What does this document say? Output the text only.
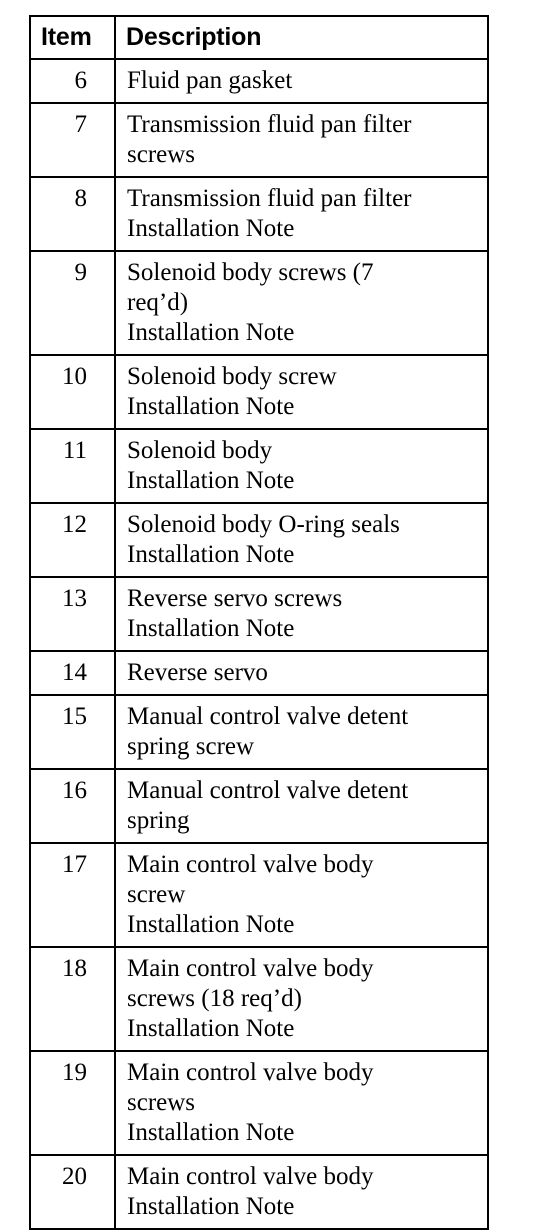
Item	Description
6	Fluid pan gasket

7	Transmission fluid pan filter
screws

8	Transmission fluid pan filter
Installation Note

9	Solenoid body screws (7
req’d)
Installation Note

10	Solenoid body screw
Installation Note

11	Solenoid body
Installation Note

12	Solenoid body O-ring seals
Installation Note

13	Reverse servo screws
Installation Note

14	Reverse servo

15	Manual control valve detent
spring screw

16	Manual control valve detent
spring

17	Main control valve body
screw
Installation Note

18	Main control valve body
screws (18 req’d)
Installation Note

19	Main control valve body
screws
Installation Note

20	Main control valve body
Installation Note
